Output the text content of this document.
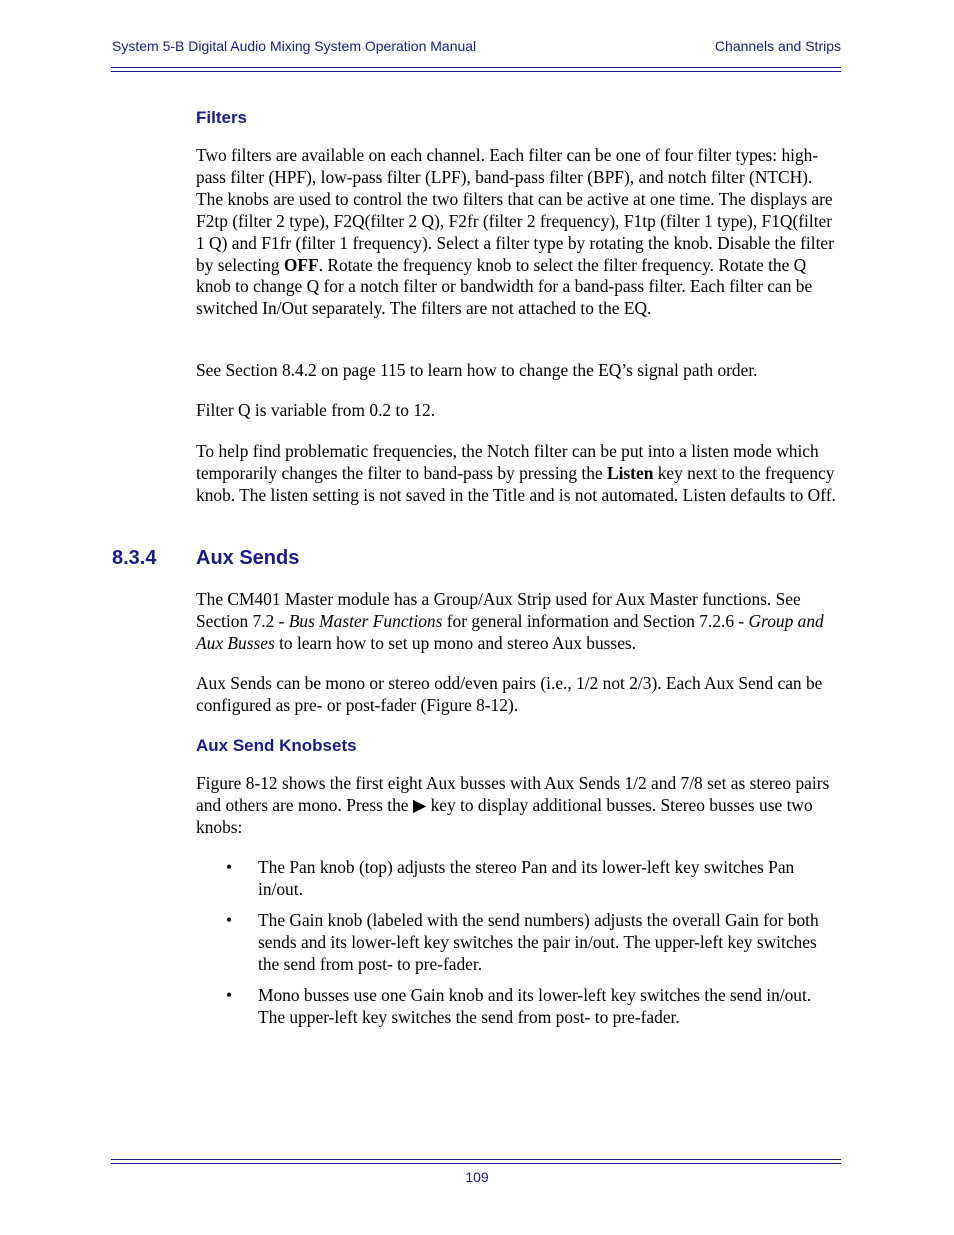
System 5-B Digital Audio Mixing System Operation Manual	Channels and Strips
Filters
Two filters are available on each channel. Each filter can be one of four filter types: high-pass filter (HPF), low-pass filter (LPF), band-pass filter (BPF), and notch filter (NTCH). The knobs are used to control the two filters that can be active at one time. The displays are F2tp (filter 2 type), F2Q(filter 2 Q), F2fr (filter 2 frequency), F1tp (filter 1 type), F1Q(filter 1 Q) and F1fr (filter 1 frequency). Select a filter type by rotating the knob. Disable the filter by selecting OFF. Rotate the frequency knob to select the filter frequency. Rotate the Q knob to change Q for a notch filter or bandwidth for a band-pass filter. Each filter can be switched In/Out separately. The filters are not attached to the EQ.
See Section 8.4.2 on page 115 to learn how to change the EQ’s signal path order.
Filter Q is variable from 0.2 to 12.
To help find problematic frequencies, the Notch filter can be put into a listen mode which temporarily changes the filter to band-pass by pressing the Listen key next to the frequency knob. The listen setting is not saved in the Title and is not automated. Listen defaults to Off.
8.3.4 Aux Sends
The CM401 Master module has a Group/Aux Strip used for Aux Master functions. See Section 7.2 - Bus Master Functions for general information and Section 7.2.6 - Group and Aux Busses to learn how to set up mono and stereo Aux busses.
Aux Sends can be mono or stereo odd/even pairs (i.e., 1/2 not 2/3). Each Aux Send can be configured as pre- or post-fader (Figure 8-12).
Aux Send Knobsets
Figure 8-12 shows the first eight Aux busses with Aux Sends 1/2 and 7/8 set as stereo pairs and others are mono. Press the ▶ key to display additional busses. Stereo busses use two knobs:
• The Pan knob (top) adjusts the stereo Pan and its lower-left key switches Pan in/out.
• The Gain knob (labeled with the send numbers) adjusts the overall Gain for both sends and its lower-left key switches the pair in/out. The upper-left key switches the send from post- to pre-fader.
• Mono busses use one Gain knob and its lower-left key switches the send in/out. The upper-left key switches the send from post- to pre-fader.
109
